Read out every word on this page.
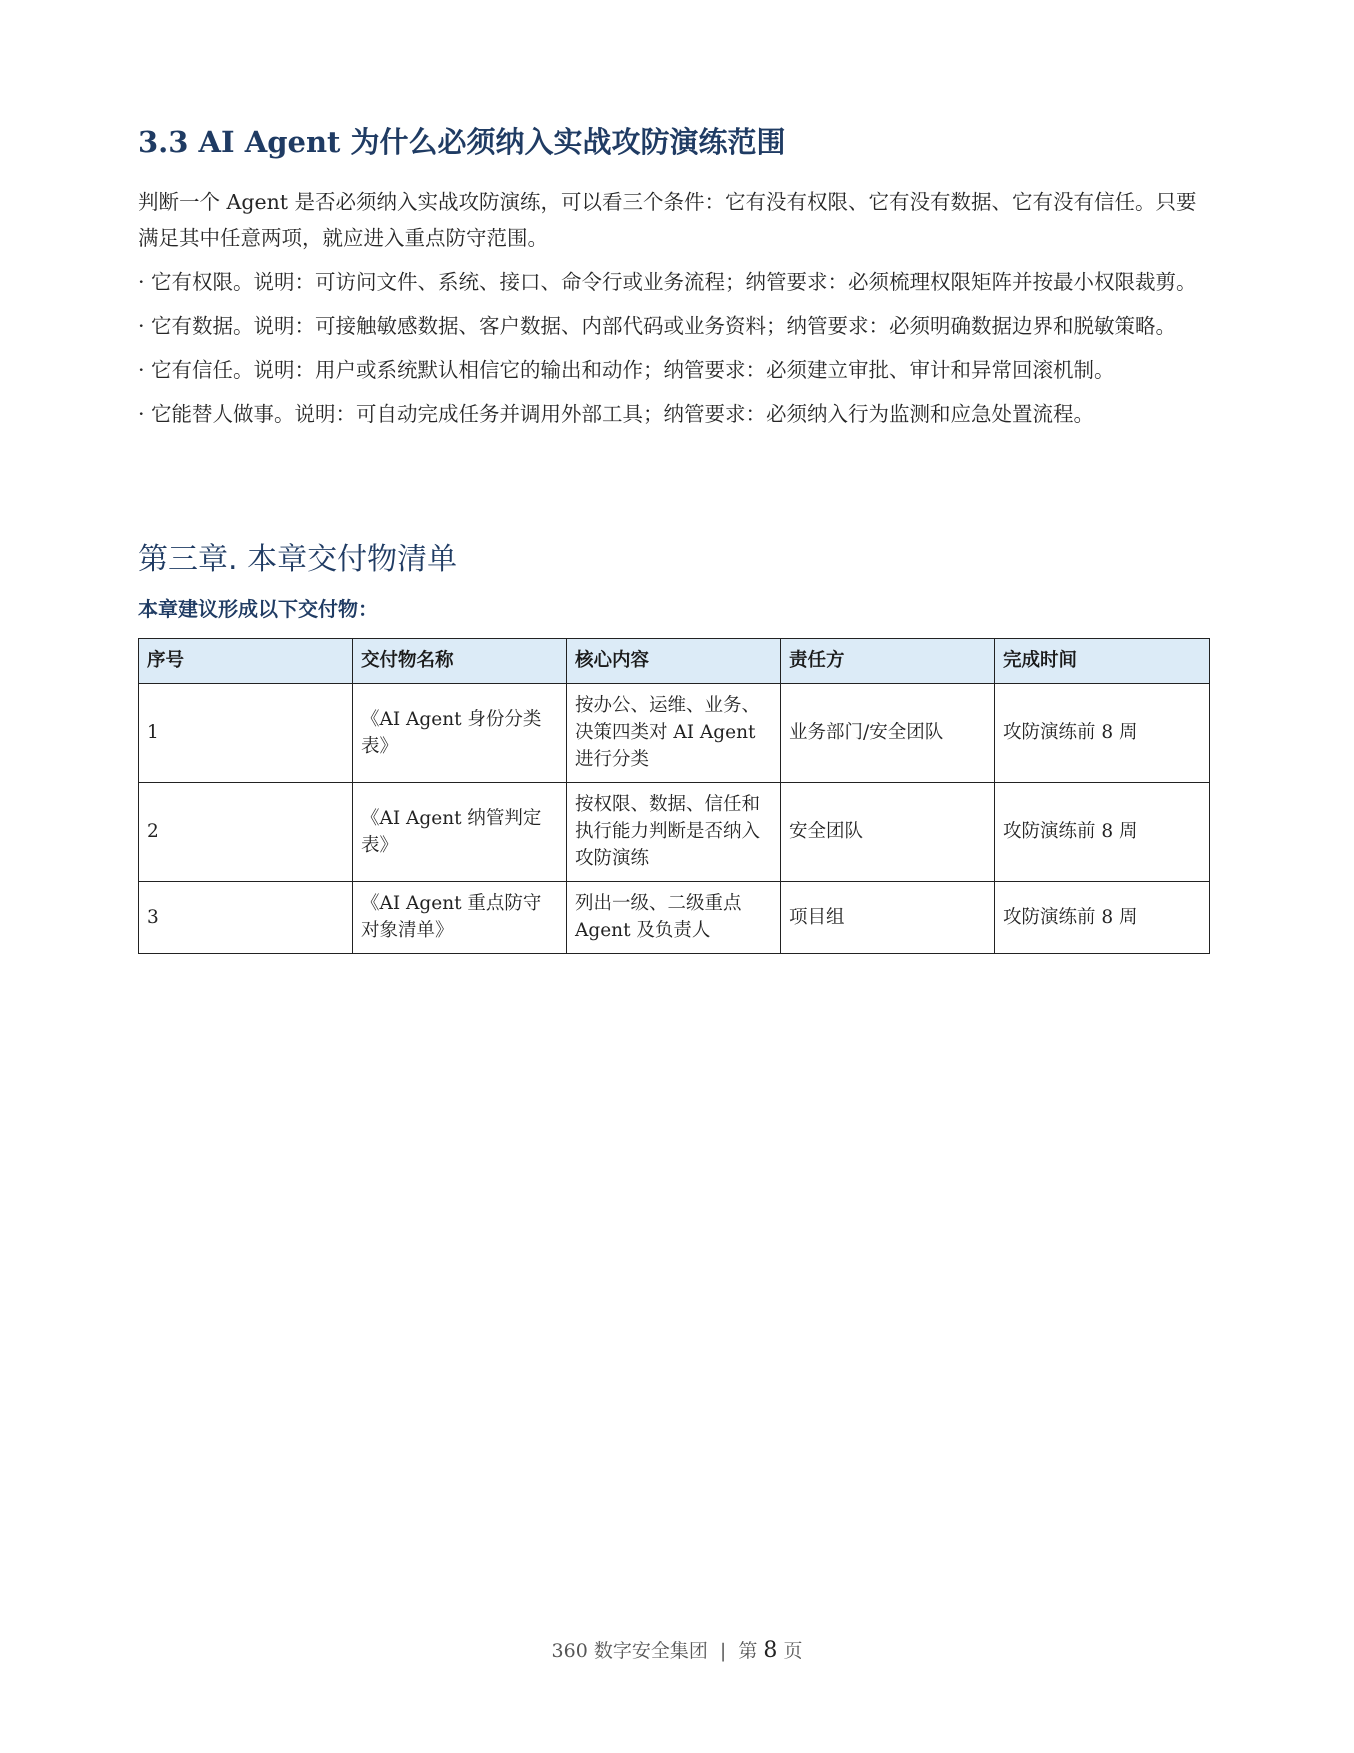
3.3 AI Agent 为什么必须纳入实战攻防演练范围

判断一个 Agent 是否必须纳入实战攻防演练，可以看三个条件：它有没有权限、它有没有数据、它有没有信任。只要满足其中任意两项，就应进入重点防守范围。

· 它有权限。说明：可访问文件、系统、接口、命令行或业务流程；纳管要求：必须梳理权限矩阵并按最小权限裁剪。

· 它有数据。说明：可接触敏感数据、客户数据、内部代码或业务资料；纳管要求：必须明确数据边界和脱敏策略。

· 它有信任。说明：用户或系统默认相信它的输出和动作；纳管要求：必须建立审批、审计和异常回滚机制。

· 它能替人做事。说明：可自动完成任务并调用外部工具；纳管要求：必须纳入行为监测和应急处置流程。

第三章. 本章交付物清单
本章建议形成以下交付物：
序号	交付物名称	核心内容	责任方	完成时间
1	《AI Agent 身份分类表》	按办公、运维、业务、决策四类对 AI Agent 进行分类	业务部门/安全团队	攻防演练前 8 周
2	《AI Agent 纳管判定表》	按权限、数据、信任和执行能力判断是否纳入攻防演练	安全团队	攻防演练前 8 周
3	《AI Agent 重点防守对象清单》	列出一级、二级重点 Agent 及负责人	项目组	攻防演练前 8 周
360 数字安全集团 | 第 8 页
